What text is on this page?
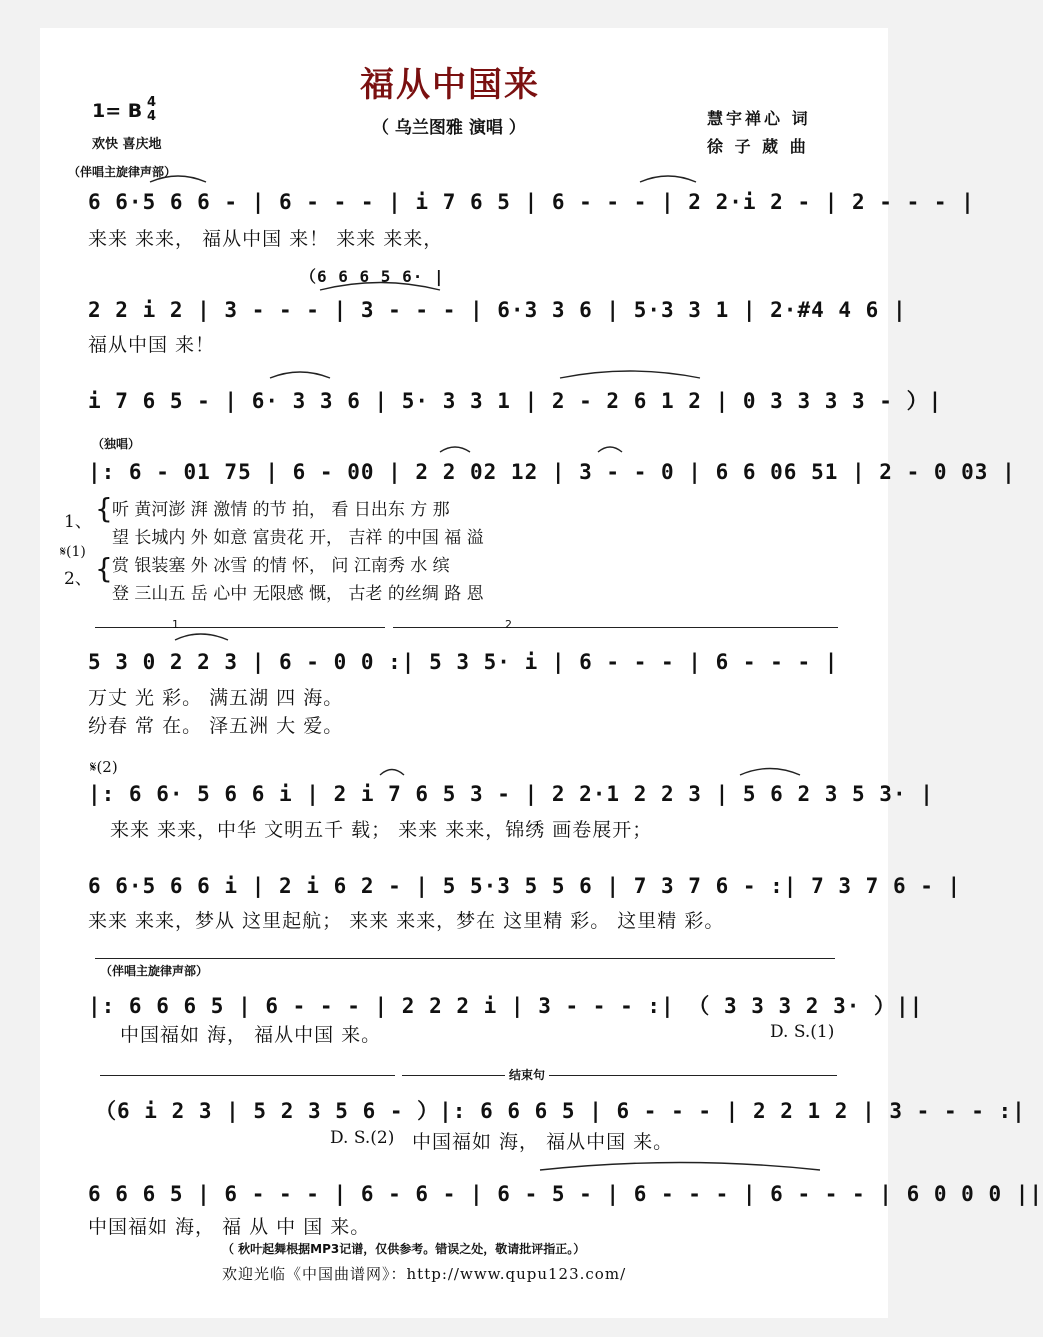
福从中国来
（ 乌兰图雅 演唱 ）
1= B 4
4
欢快 喜庆地
慧宇禅心 词
徐 子 葳 曲
（伴唱主旋律声部）
6 6·5 6 6 - | 6 - - - | i 7 6 5 | 6 - - - | 2 2·i 2 - | 2 - - - |
来来 来来， 福从中国 来！ 来来 来来，
（6 6 6 5 6· |
2 2 i 2 | 3 - - - | 3 - - - | 6·3 3 6 | 5·3 3 1 | 2·#4 4 6 |
福从中国 来！
i 7 6 5 - | 6· 3 3 6 | 5· 3 3 1 | 2 - 2 6 1 2 | 0 3 3 3 3 - ）|
（独唱）
|: 6 - 01 75 | 6 - 00 | 2 2 02 12 | 3 - - 0 | 6 6 06 51 | 2 - 0 03 |
1、
𝄋(1)
2、
{
{
听 黄河澎 湃 激情 的节 拍， 看 日出东 方 那
望 长城内 外 如意 富贵花 开， 吉祥 的中国 福 溢
赏 银装塞 外 冰雪 的情 怀， 问 江南秀 水 缤
登 三山五 岳 心中 无限感 慨， 古老 的丝绸 路 恩
1	2
5 3 0 2 2 3 | 6 - 0 0 :| 5 3 5· i | 6 - - - | 6 - - - |
万丈 光 彩。 满五湖 四 海。
纷春 常 在。 泽五洲 大 爱。
𝄋(2)
|: 6 6· 5 6 6 i | 2 i 7 6 5 3 - | 2 2·1 2 2 3 | 5 6 2 3 5 3· |
来来 来来，中华 文明五千 载； 来来 来来，锦绣 画卷展开；
6 6·5 6 6 i | 2 i 6 2 - | 5 5·3 5 5 6 | 7 3 7 6 - :| 7 3 7 6 - |
来来 来来，梦从 这里起航； 来来 来来，梦在 这里精 彩。 这里精 彩。
（伴唱主旋律声部）
|: 6 6 6 5 | 6 - - - | 2 2 2 i | 3 - - - :| （ 3 3 3 2 3· ）||
中国福如 海， 福从中国 来。	D. S.(1)
结束句
（6 i 2 3 | 5 2 3 5 6 - ）|: 6 6 6 5 | 6 - - - | 2 2 1 2 | 3 - - - :|
D. S.(2) 中国福如 海， 福从中国 来。
6 6 6 5 | 6 - - - | 6 - 6 - | 6 - 5 - | 6 - - - | 6 - - - | 6 0 0 0 ||
中国福如 海， 福 从 中 国 来。
（ 秋叶起舞根据MP3记谱，仅供参考。错误之处，敬请批评指正。）
欢迎光临《中国曲谱网》：http://www.qupu123.com/
